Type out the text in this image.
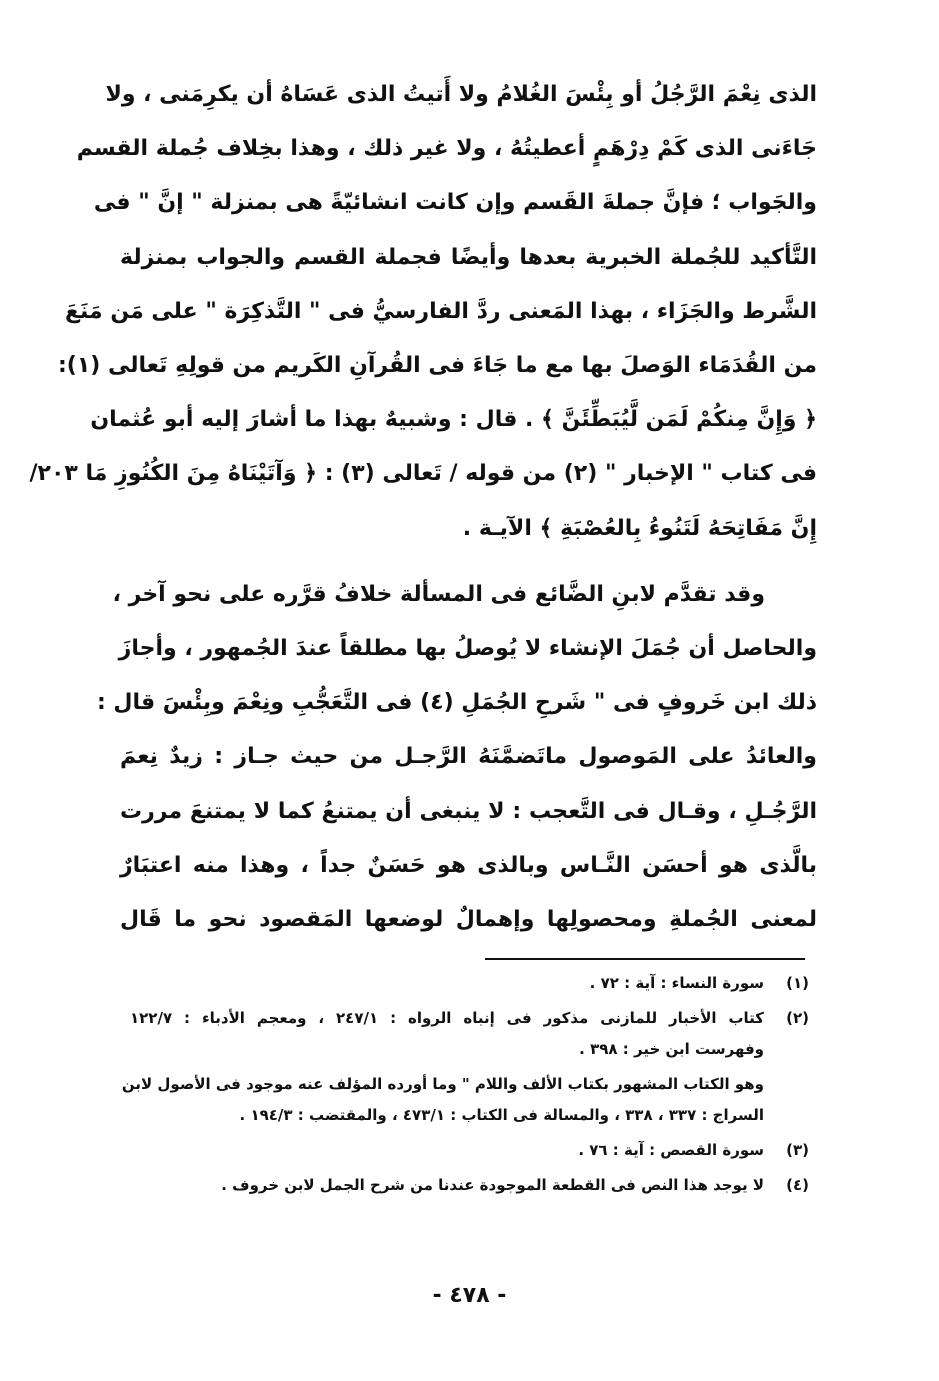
الذى نِعْمَ الرَّجُلُ أو بِئْسَ الغُلامُ ولا أَتيتُ الذى عَسَاهُ أن يكرِمَنى ، ولا
جَاءَنى الذى كَمْ دِرْهَمٍ أعطيتُهُ ، ولا غير ذلك ، وهذا بخِلاف جُملة القسم
والجَواب ؛ فإنَّ جملةَ القَسم وإن كانت انشائيّةً هى بمنزلة " إنَّ " فى
التَّأكيد للجُملة الخبرية بعدها وأيضًا فجملة القسم والجواب بمنزلة
الشَّرط والجَزَاء ، بهذا المَعنى ردَّ الفارسيُّ فى " التَّذكِرَة " على مَن مَنَعَ
من القُدَمَاء الوَصلَ بها مع ما جَاءَ فى القُرآنِ الكَريم من قولِهِ تَعالى (١):
﴿ وَإِنَّ مِنكُمْ لَمَن لَّيُبَطِّئَنَّ ﴾ . قال : وشبيهٌ بهذا ما أشارَ إليه أبو عُثمان
فى كتاب " الإخبار " (٢) من قوله / تَعالى (٣) : ﴿ وَآتَيْنَاهُ مِنَ الكُنُوزِ مَا ٢٠٣/
إِنَّ مَفَاتِحَهُ لَتَنُوءُ بِالعُصْبَةِ ﴾ الآيـة .
وقد تقدَّم لابنِ الضَّائع فى المسألة خلافُ قرَّره على نحو آخر ،
والحاصل أن جُمَلَ الإنشاء لا يُوصلُ بها مطلقاً عندَ الجُمهور ، وأجازَ
ذلك ابن خَروفٍ فى " شَرحِ الجُمَلِ (٤) فى التَّعَجُّبِ ونِعْمَ وبِئْسَ قال :
والعائدُ على المَوصول ماتَضمَّنَهُ الرَّجـل من حيث جـاز : زيدٌ نِعمَ
الرَّجُـلِ ، وقـال فى التَّعجب : لا ينبغى أن يمتنعُ كما لا يمتنعَ مررت
بالَّذى هو أحسَن النَّـاس وبالذى هو حَسَنٌ جداً ، وهذا منه اعتبَارٌ
لمعنى الجُملةِ ومحصولِها وإهمالٌ لوضعها المَقصود نحو ما قَال
(١)
سورة النساء : آية : ٧٢ .
(٢)
كتاب الأخبار للمازنى مذكور فى إنباه الرواه : ٢٤٧/١ ، ومعجم الأدباء : ١٢٢/٧
وفهرست ابن خير : ٣٩٨ .
وهو الكتاب المشهور بكتاب الألف واللام " وما أورده المؤلف عنه موجود فى الأصول لابن
السراج : ٣٣٧ ، ٣٣٨ ، والمسالة فى الكتاب : ٤٧٣/١ ، والمقتضب : ١٩٤/٣ .
(٣)
سورة القصص : آية : ٧٦ .
(٤)
لا يوجد هذا النص فى القطعة الموجودة عندنا من شرح الجمل لابن خروف .
- ٤٧٨ -
